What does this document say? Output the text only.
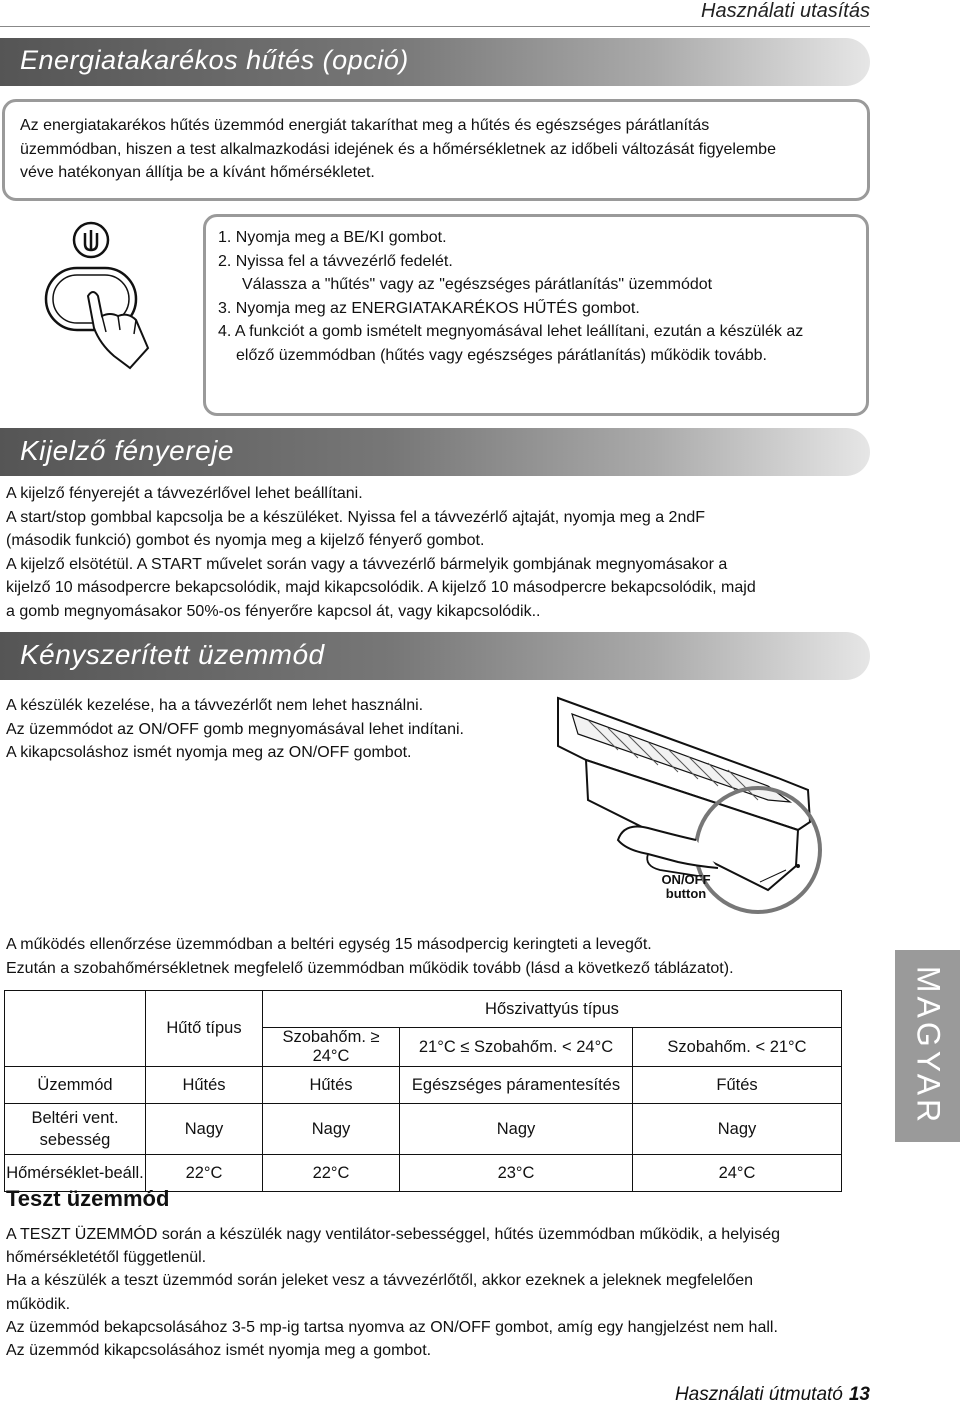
Használati utasítás
Energiatakarékos hűtés (opció)
Az energiatakarékos hűtés üzemmód energiát takaríthat meg a hűtés és egészséges párátlanítás
üzemmódban, hiszen a test alkalmazkodási idejének és a hőmérsékletnek az időbeli változását figyelembe
véve hatékonyan állítja be a kívánt hőmérsékletet.
1. Nyomja meg a BE/KI gombot.
2. Nyissa fel a távvezérlő fedelét.
Válassza a "hűtés" vagy az "egészséges párátlanítás" üzemmódot
3. Nyomja meg az ENERGIATAKARÉKOS HŰTÉS gombot.
4. A funkciót a gomb ismételt megnyomásával lehet leállítani, ezután a készülék az
előző üzemmódban (hűtés vagy egészséges párátlanítás) működik tovább.
Kijelző fényereje
A kijelző fényerejét a távvezérlővel lehet beállítani.
A start/stop gombbal kapcsolja be a készüléket. Nyissa fel a távvezérlő ajtaját, nyomja meg a 2ndF
(második funkció) gombot és nyomja meg a kijelző fényerő gombot.
A kijelző elsötétül. A START művelet során vagy a távvezérlő bármelyik gombjának megnyomásakor a
kijelző 10 másodpercre bekapcsolódik, majd kikapcsolódik. A kijelző 10 másodpercre bekapcsolódik, majd
a gomb megnyomásakor 50%-os fényerőre kapcsol át, vagy kikapcsolódik..
Kényszerített üzemmód
A készülék kezelése, ha a távvezérlőt nem lehet használni.
Az üzemmódot az ON/OFF gomb megnyomásával lehet indítani.
A kikapcsoláshoz ismét nyomja meg az ON/OFF gombot.
ON/OFF
button
A működés ellenőrzése üzemmódban a beltéri egység 15 másodpercig keringteti a levegőt.
Ezután a szobahőmérsékletnek megfelelő üzemmódban működik tovább (lásd a következő táblázatot).
	Hűtő típus	Hőszivattyús típus		
		Szobahőm. ≥ 24°C	21°C ≤ Szobahőm. < 24°C	Szobahőm. < 21°C
Üzemmód	Hűtés	Hűtés	Egészséges páramentesítés	Fűtés
Beltéri vent. sebesség	Nagy	Nagy	Nagy	Nagy
Hőmérséklet-beáll.	22°C	22°C	23°C	24°C
MAGYAR
Teszt üzemmód
A TESZT ÜZEMMÓD során a készülék nagy ventilátor-sebességgel, hűtés üzemmódban működik, a helyiség
hőmérsékletétől függetlenül.
Ha a készülék a teszt üzemmód során jeleket vesz a távvezérlőtől, akkor ezeknek a jeleknek megfelelően
működik.
Az üzemmód bekapcsolásához 3-5 mp-ig tartsa nyomva az ON/OFF gombot, amíg egy hangjelzést nem hall.
Az üzemmód kikapcsolásához ismét nyomja meg a gombot.
Használati útmutató 13
